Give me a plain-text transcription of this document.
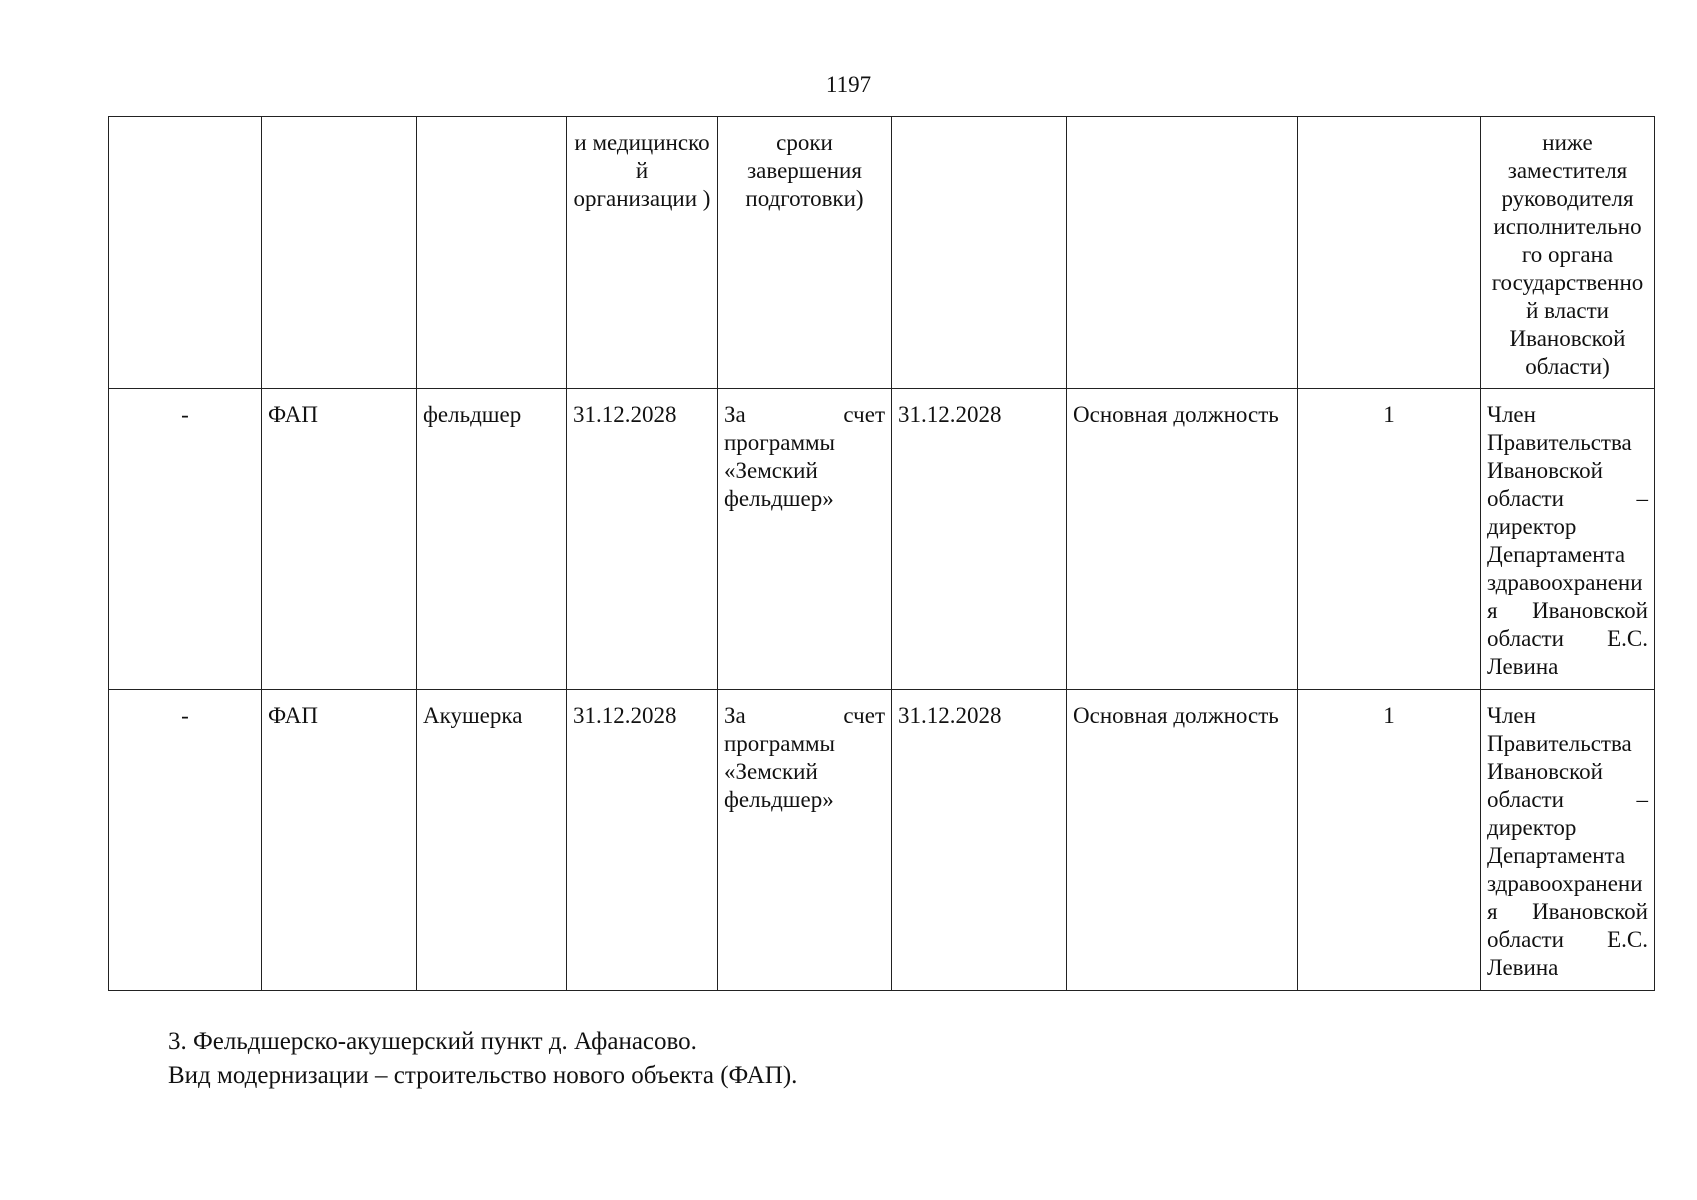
1197
			и медицинско й организации )	сроки завершения подготовки)				ниже заместителя руководителя исполнительно го органа государственно й власти Ивановской области)
-	ФАП	фельдшер	31.12.2028	За счет программы «Земский фельдшер»	31.12.2028	Основная должность	1	Член Правительства Ивановской области – директор Департамента здравоохранени я Ивановской области Е.С. Левина
-	ФАП	Акушерка	31.12.2028	За счет программы «Земский фельдшер»	31.12.2028	Основная должность	1	Член Правительства Ивановской области – директор Департамента здравоохранени я Ивановской области Е.С. Левина
3. Фельдшерско-акушерский пункт д. Афанасово.
Вид модернизации – строительство нового объекта (ФАП).
